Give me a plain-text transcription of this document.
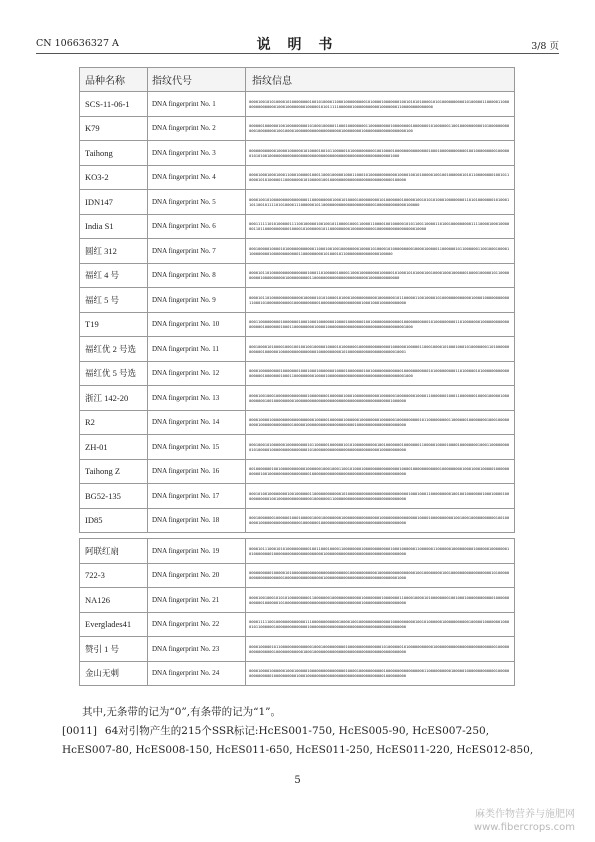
CN 106636327 A	说 明 书	3/8 页
品种名称	指纹代号	指纹信息
SCS-11-06-1	DNA fingerprint No. 1	000010010101000010100000000100101000011000100000000010100001000000010010101010000101010000000000101000001100000110000000000000001000100000000100000101011111000000100000000000100000001100000000000000
K79	DNA fingerprint No. 2	000000100000010010000000001010001000001100010000000011000000000100000000100000001010000001100100000000001010000000000001000000001001000010000000000000000000010000000010000000000000000000100
Taihong	DNA fingerprint No. 3	000000000000100001000000101000010010110000010100000000001001000010000000000000001000100000000000010010000000001000000101010010000000000000000000000000000000000000000000000000000001000
KO3-2	DNA fingerprint No. 4	000010001000100011000100000100011000100000100011000101000000000000100001001010000010010010000001010110000000010010110000101010000011000000001010000010010000000000000000000000000000100000
IDN147	DNA fingerprint No. 5	000010010100000000000000001100000000010001010000100000000010100000001000001001010101000100000000110101000000010100011011001011110101000011100000010110000000000000000000000010000000000000100000
India S1	DNA fingerprint No. 6	000111111010100000111100100000100100101100001000110000110000100100000101011001100001101001000000000111100001000100000011011000000000001000010100000010110000000001000000000010000000000000000010000
圆红 312	DNA fingerprint No. 7	000100000100001010000000000001100010010010000000010000101000010100000000010000100000110000001011000000110010001000011000000001000000000000110000000001010001011000000000000000100000
福红 4 号	DNA fingerprint No. 8	000010110100000000000000001000110100000100001100010000000010000010100010101000100100001000100000010000100000101100000000010000000000100000000001100000000000000000000000010000000000000
福红 5 号	DNA fingerprint No. 9	000010110100000000000000100000101010000101000100000000000100000001011000001100100001010000000000000100001000000000001100010100000000000100000000000100000000000000000010001000100000000000
T19	DNA fingerprint No. 10	000110000000001000000010001000100000001000010000000100100000000000001000000000001010000000001101000000010000000000000000001000000010001100000000010000100000000000000000000000000000000001000
福红优 2 号选	DNA fingerprint No. 11	000100001010000100010010010010000010000101000000100000000000000100000010000011000100001010001000101000000011010000000000001000000100000000000000001000000000010100000000000000000000010001
福红优 5 号选	DNA fingerprint No. 12	000010000000001000000010001000100000001000010000000100100000000000001000000000001010000000001101000001010000000000000000001000000010001100000000010000100000000000000000000000000000000001000
浙江 142-20	DNA fingerprint No. 13	000010010001000000000000001000000001000000100010000000000010000001000000001000011000000010001100000001000010000010000000000100100000000010000000000000000000000000000000000000000001000000
R2	DNA fingerprint No. 14	000010000100000000000000000001000001000000100000010000000010000001000000000010110000000001100000010000000010001000000000100000000000000100000100000000000000000000010000000000000000000000
ZH-01	DNA fingerprint No. 15	000100010100000010000000001011000001000000101010000000000100100000001000000011000001000010000100000000100011000000000101000001000000000000000010100000000000000000000000000000100000000000
Taihong Z	DNA fingerprint No. 16	001000000010010000000000010000001000100011001010001000000000000000010000100000000000010000000001000100010000010000000000010010000000000000000001000000000000000000000000000000000000000000
BG52-135	DNA fingerprint No. 17	000101001000000001001000000110000000000001010000000000000000000000000001000100011000000000100100100000001000100001000000000001001000000000000000100000001100000000000000000000000000000000
ID85	DNA fingerprint No. 18	000100000001000000100010000010001000000001000000000000000010000000000000000100001000000000010010001000000000001001000000100000000000000000010000000100000000000000000000000000000000000000

阿联红扇	DNA fingerprint No. 19	000010111000101010000000000100110001000011000000001000000000000100010000001100000011000000100000000010000001000000010100000000100000000000000000000001000000000000000000000000000000000000
722-3	DNA fingerprint No. 20	000000000010000010100000000000000000000000001000000000000100000000000000001001000000001001000000000000000000101000000000000000000001000000000000000001000000000000000000000000000000001000
NA126	DNA fingerprint No. 21	000010010001010101000000000110000000100000000000001000000001000000011000010000101000000001001000100000000000010000000000001000000101000000000000000000000000000000000010000000000000000000
Everglades41	DNA fingerprint No. 22	000011111001000000000000011100000000000010000100100000000000000100000000001001010000001000000000001000001000000010000101100000010000000000000010000000000000000000000000000000000000000000
赞引 1 号	DNA fingerprint No. 23	000010000010110000000000000010001000000000010000000000000001010000001010000000000010000000000000000000000000001000000000000000010000000000001000100000000000000000000000000000000000000000
金山无刺	DNA fingerprint No. 24	000010000100000010001000001000000000000000010000100000000000100000000000000000110000000000100000100000000000001000000000000000100000000001000100000000000000000000000000000000001000000000
其中,无条带的记为“0”,有条带的记为“1”。
[0011] 64对引物产生的215个SSR标记:HcES001-750, HcES005-90, HcES007-250,
HcES007-80, HcES008-150, HcES011-650, HcES011-250, HcES011-220, HcES012-850,
5
麻类作物营养与施肥网
www.fibercrops.com
